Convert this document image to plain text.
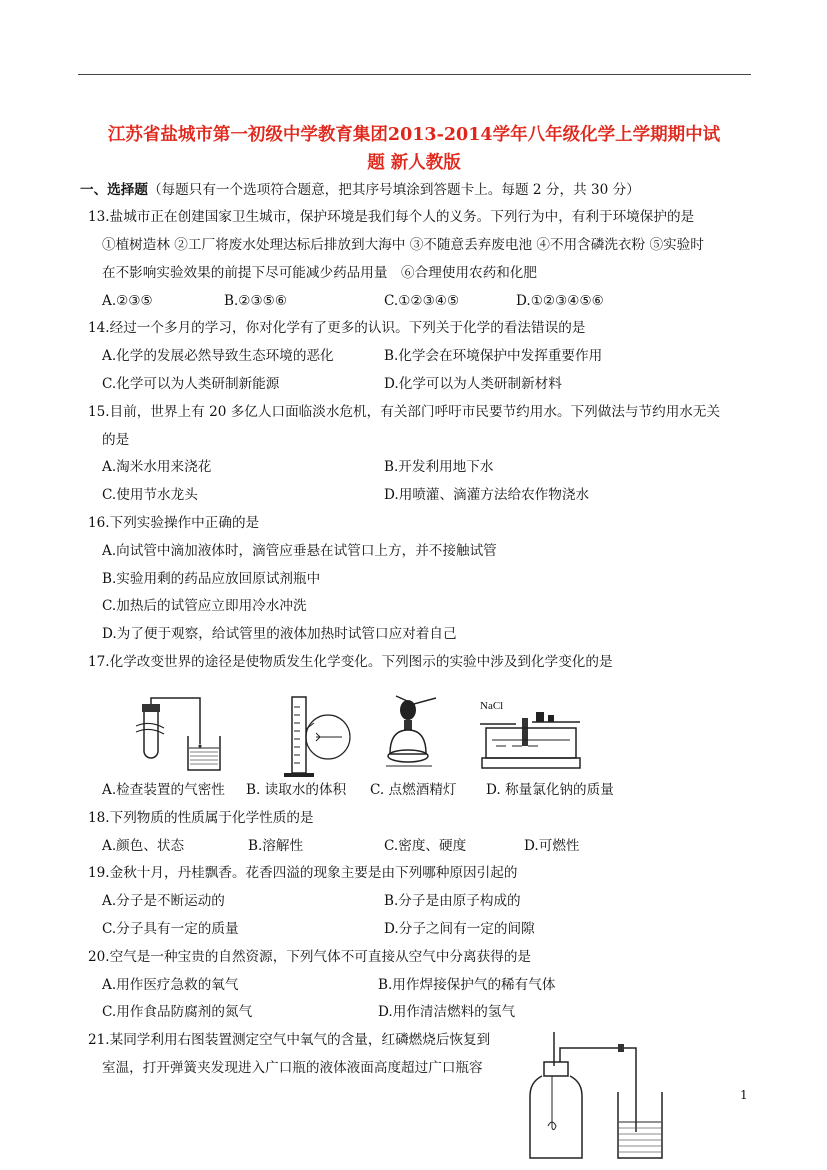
江苏省盐城市第一初级中学教育集团2013-2014学年八年级化学上学期期中试
题 新人教版
一、选择题（每题只有一个选项符合题意，把其序号填涂到答题卡上。每题 2 分，共 30 分）
13.盐城市正在创建国家卫生城市，保护环境是我们每个人的义务。下列行为中，有利于环境保护的是
①植树造林 ②工厂将废水处理达标后排放到大海中 ③不随意丢弃废电池 ④不用含磷洗衣粉 ⑤实验时
在不影响实验效果的前提下尽可能减少药品用量　⑥合理使用农药和化肥
A.②③⑤	B.②③⑤⑥	C.①②③④⑤	D.①②③④⑤⑥
14.经过一个多月的学习，你对化学有了更多的认识。下列关于化学的看法错误的是
A.化学的发展必然导致生态环境的恶化	B.化学会在环境保护中发挥重要作用
C.化学可以为人类研制新能源	D.化学可以为人类研制新材料
15.目前，世界上有 20 多亿人口面临淡水危机，有关部门呼吁市民要节约用水。下列做法与节约用水无关
的是
A.淘米水用来浇花	B.开发利用地下水
C.使用节水龙头	D.用喷灌、滴灌方法给农作物浇水
16.下列实验操作中正确的是
A.向试管中滴加液体时，滴管应垂悬在试管口上方，并不接触试管
B.实验用剩的药品应放回原试剂瓶中
C.加热后的试管应立即用冷水冲洗
D.为了便于观察，给试管里的液体加热时试管口应对着自己
17.化学改变世界的途径是使物质发生化学变化。下列图示的实验中涉及到化学变化的是
NaCl
A.检查装置的气密性 B. 读取水的体积 C. 点燃酒精灯 D. 称量氯化钠的质量
18.下列物质的性质属于化学性质的是
A.颜色、状态	B.溶解性	C.密度、硬度	D.可燃性
19.金秋十月，丹桂飘香。花香四溢的现象主要是由下列哪种原因引起的
A.分子是不断运动的	B.分子是由原子构成的
C.分子具有一定的质量	D.分子之间有一定的间隙
20.空气是一种宝贵的自然资源，下列气体不可直接从空气中分离获得的是
A.用作医疗急救的氧气	B.用作焊接保护气的稀有气体
C.用作食品防腐剂的氮气	D.用作清洁燃料的氢气
21.某同学利用右图装置测定空气中氧气的含量，红磷燃烧后恢复到
室温，打开弹簧夹发现进入广口瓶的液体液面高度超过广口瓶容
1
